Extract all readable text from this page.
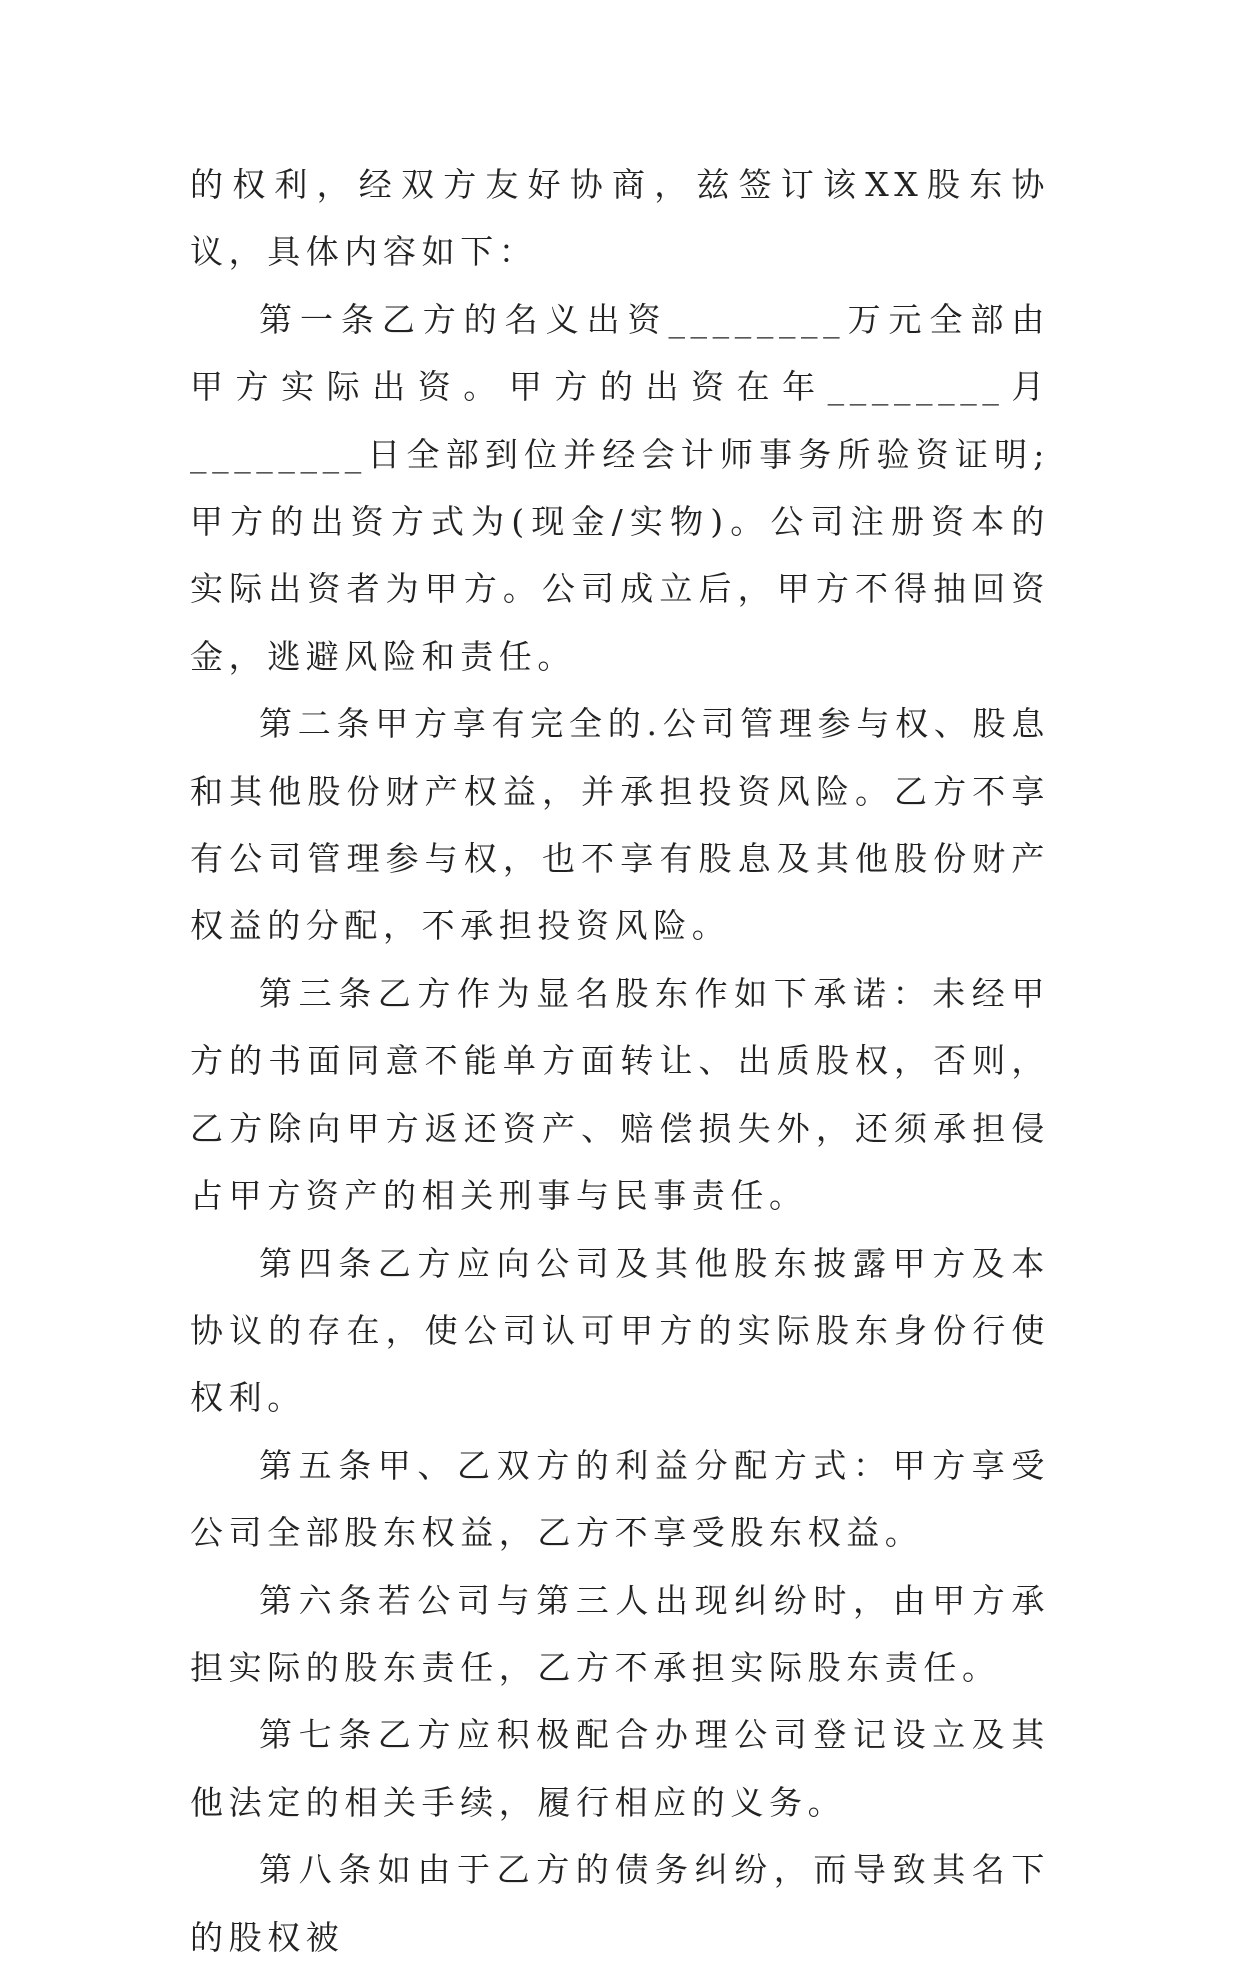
的权利，经双方友好协商，兹签订该XX股东协议，具体内容如下：

第一条乙方的名义出资________万元全部由甲方实际出资。甲方的出资在年________月________日全部到位并经会计师事务所验资证明;甲方的出资方式为(现金/实物)。公司注册资本的实际出资者为甲方。公司成立后，甲方不得抽回资金，逃避风险和责任。

第二条甲方享有完全的.公司管理参与权、股息和其他股份财产权益，并承担投资风险。乙方不享有公司管理参与权，也不享有股息及其他股份财产权益的分配，不承担投资风险。

第三条乙方作为显名股东作如下承诺：未经甲方的书面同意不能单方面转让、出质股权，否则，乙方除向甲方返还资产、赔偿损失外，还须承担侵占甲方资产的相关刑事与民事责任。

第四条乙方应向公司及其他股东披露甲方及本协议的存在，使公司认可甲方的实际股东身份行使权利。

第五条甲、乙双方的利益分配方式：甲方享受公司全部股东权益，乙方不享受股东权益。

第六条若公司与第三人出现纠纷时，由甲方承担实际的股东责任，乙方不承担实际股东责任。

第七条乙方应积极配合办理公司登记设立及其他法定的相关手续，履行相应的义务。

第八条如由于乙方的债务纠纷，而导致其名下的股权被
